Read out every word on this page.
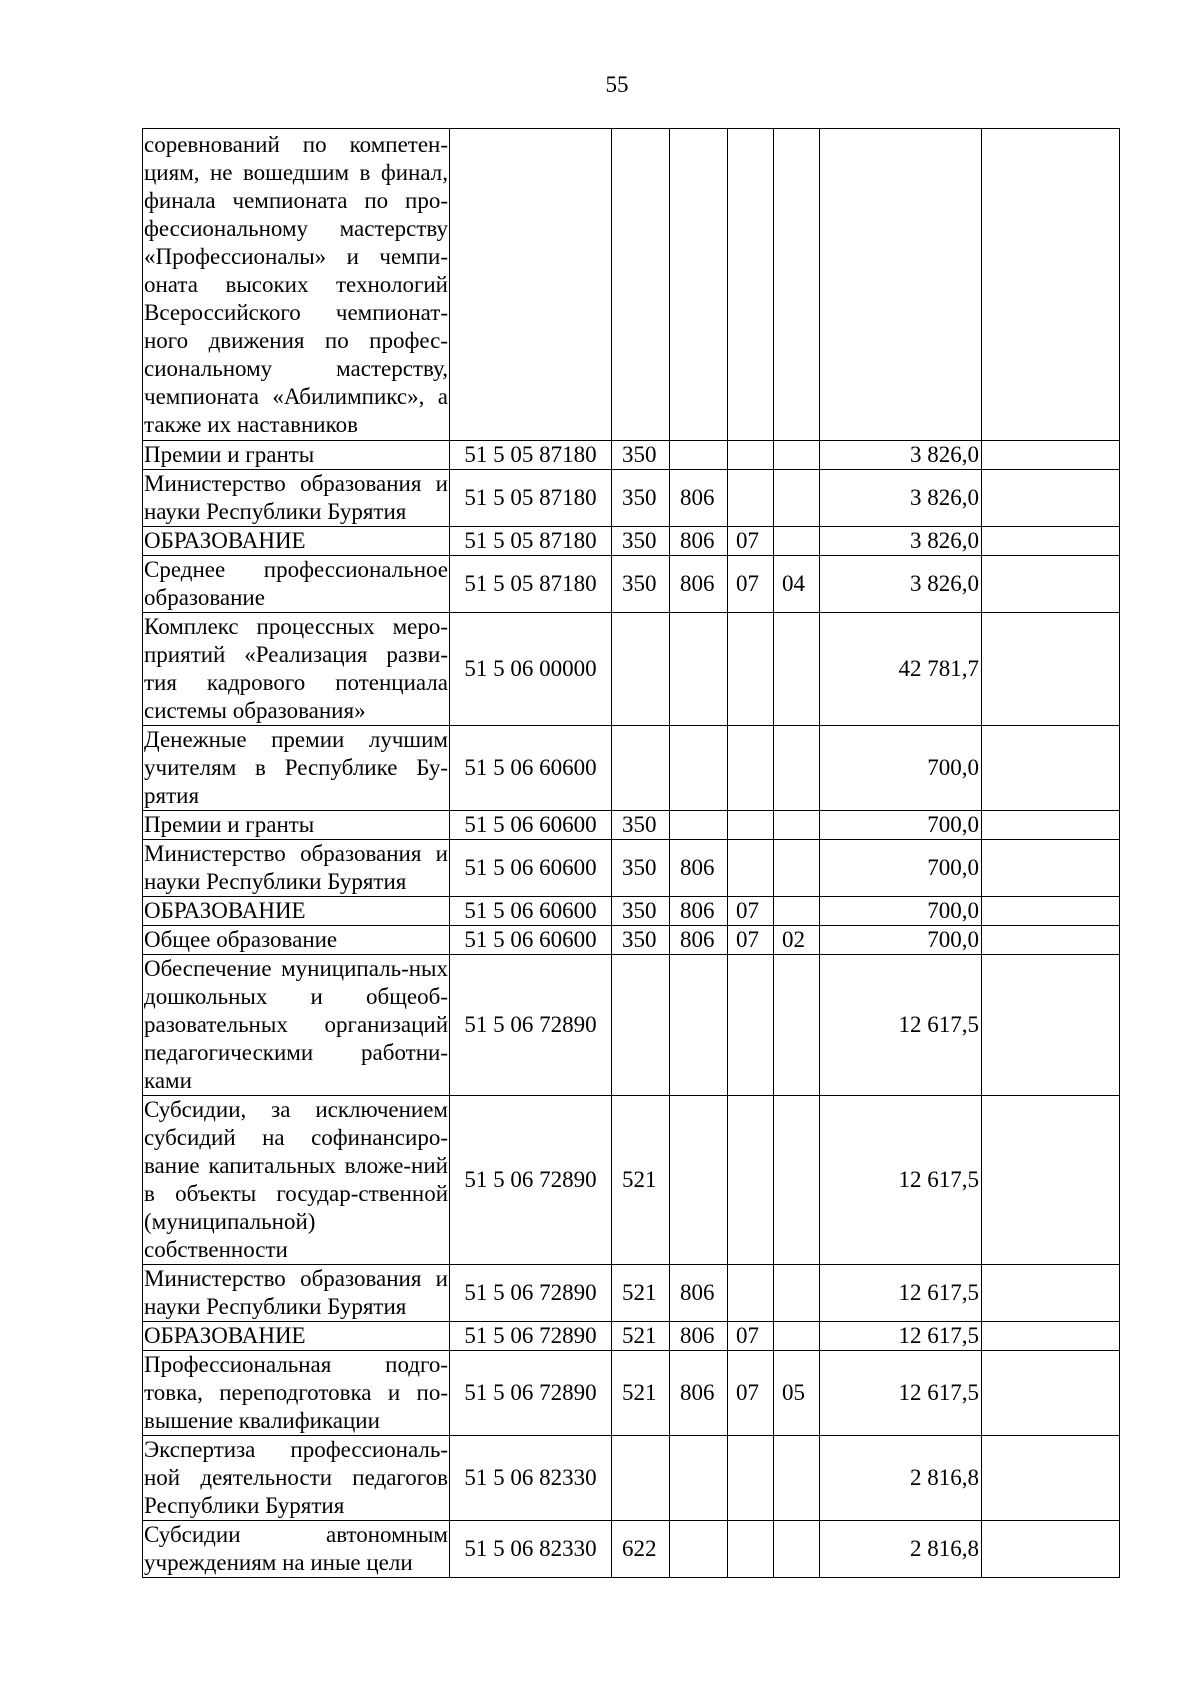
55
соревнований по компетен-циям, не вошедшим в финал, финала чемпионата по про-фессиональному мастерству «Профессионалы» и чемпи-оната высоких технологий Всероссийского чемпионат-ного движения по профес-сиональному мастерству, чемпионата «Абилимпикс», а также их наставников							
Премии и гранты	51 5 05 87180	350				3 826,0	
Министерство образования и науки Республики Бурятия	51 5 05 87180	350	806			3 826,0	
ОБРАЗОВАНИЕ	51 5 05 87180	350	806	07		3 826,0	
Среднее профессиональное образование	51 5 05 87180	350	806	07	04	3 826,0	
Комплекс процессных меро-приятий «Реализация разви-тия кадрового потенциала системы образования»	51 5 06 00000					42 781,7	
Денежные премии лучшим учителям в Республике Бу-рятия	51 5 06 60600					700,0	
Премии и гранты	51 5 06 60600	350				700,0	
Министерство образования и науки Республики Бурятия	51 5 06 60600	350	806			700,0	
ОБРАЗОВАНИЕ	51 5 06 60600	350	806	07		700,0	
Общее образование	51 5 06 60600	350	806	07	02	700,0	
Обеспечение муниципаль-ных дошкольных и общеоб-разовательных организаций педагогическими работни-ками	51 5 06 72890					12 617,5	
Субсидии, за исключением субсидий на софинансиро-вание капитальных вложе-ний в объекты государ-ственной (муниципальной) собственности	51 5 06 72890	521				12 617,5	
Министерство образования и науки Республики Бурятия	51 5 06 72890	521	806			12 617,5	
ОБРАЗОВАНИЕ	51 5 06 72890	521	806	07		12 617,5	
Профессиональная подго-товка, переподготовка и по-вышение квалификации	51 5 06 72890	521	806	07	05	12 617,5	
Экспертиза профессиональ-ной деятельности педагогов Республики Бурятия	51 5 06 82330					2 816,8	
Субсидии автономным учреждениям на иные цели	51 5 06 82330	622				2 816,8	
